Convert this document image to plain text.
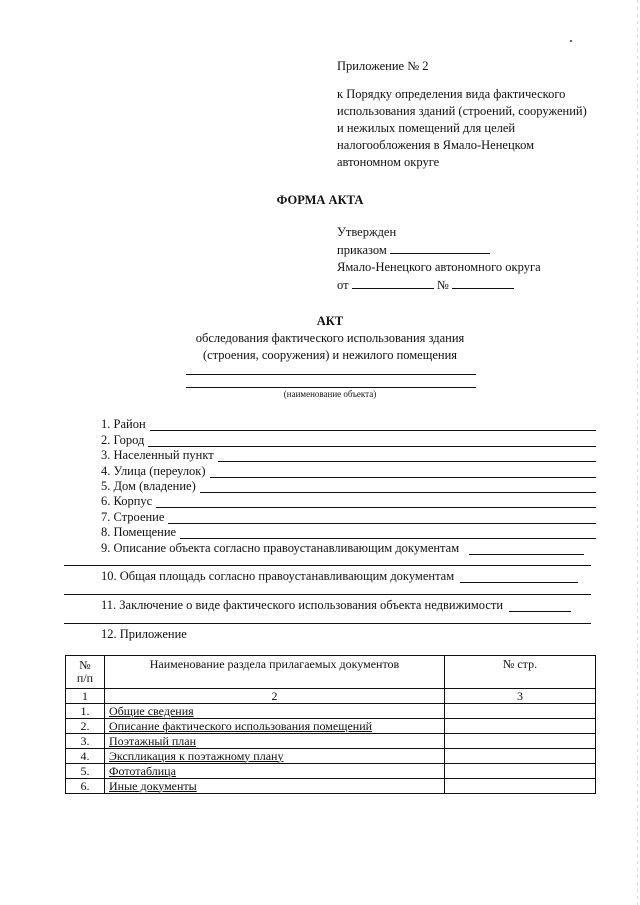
Приложение № 2
к Порядку определения вида фактического
использования зданий (строений, сооружений)
и нежилых помещений для целей
налогообложения в Ямало-Ненецком
автономном округе
ФОРМА АКТА
Утвержден
приказом
Ямало-Ненецкого автономного округа
от	№
АКТ
обследования фактического использования здания
(строения, сооружения) и нежилого помещения
(наименование объекта)
1. Район
2. Город
3. Населенный пункт
4. Улица (переулок)
5. Дом (владение)
6. Корпус
7. Строение
8. Помещение
9. Описание объекта согласно правоустанавливающим документам
10. Общая площадь согласно правоустанавливающим документам
11. Заключение о виде фактического использования объекта недвижимости
12. Приложение
№
п/п	Наименование раздела прилагаемых документов	№ стр.
1	2	3
1.	Общие сведения	
2.	Описание фактического использования помещений	
3.	Поэтажный план	
4.	Экспликация к поэтажному плану	
5.	Фототаблица	
6.	Иные документы	
